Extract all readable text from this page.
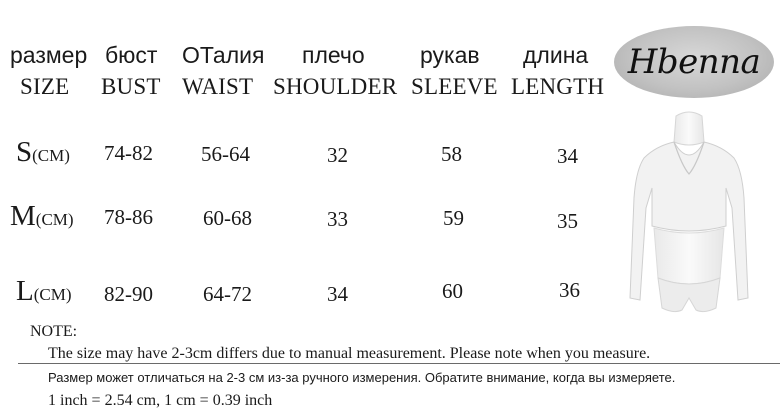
Hbenna
размер бюст ОТалия плечо рукав длина
SIZE BUST WAIST SHOULDER SLEEVE LENGTH
S(CM) 74-82 56-64	32	58	34
M(CM) 78-86 60-68	33	59	35
L(CM) 82-90 64-72	34	60	36
NOTE:
The size may have 2-3cm differs due to manual measurement. Please note when you measure.
Размер может отличаться на 2-3 см из-за ручного измерения. Обратите внимание, когда вы измеряете.
1 inch = 2.54 cm, 1 cm = 0.39 inch
